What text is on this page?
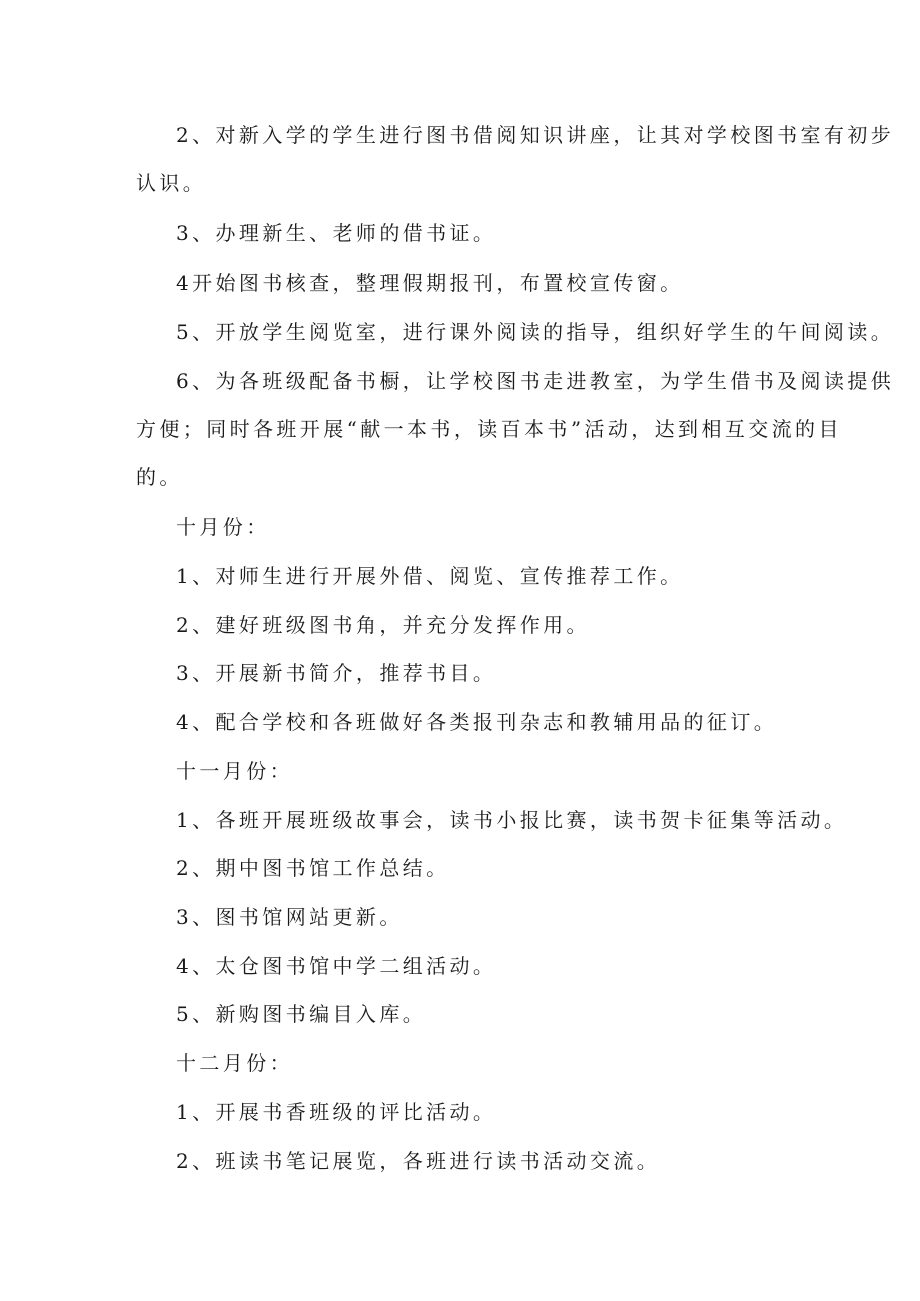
2、对新入学的学生进行图书借阅知识讲座，让其对学校图书室有初步
认识。
3、办理新生、老师的借书证。
4开始图书核查，整理假期报刊，布置校宣传窗。
5、开放学生阅览室，进行课外阅读的指导，组织好学生的午间阅读。
6、为各班级配备书橱，让学校图书走进教室，为学生借书及阅读提供
方便；同时各班开展“献一本书，读百本书”活动，达到相互交流的目
的。
十月份：
1、对师生进行开展外借、阅览、宣传推荐工作。
2、建好班级图书角，并充分发挥作用。
3、开展新书简介，推荐书目。
4、配合学校和各班做好各类报刊杂志和教辅用品的征订。
十一月份：
1、各班开展班级故事会，读书小报比赛，读书贺卡征集等活动。
2、期中图书馆工作总结。
3、图书馆网站更新。
4、太仓图书馆中学二组活动。
5、新购图书编目入库。
十二月份：
1、开展书香班级的评比活动。
2、班读书笔记展览，各班进行读书活动交流。
